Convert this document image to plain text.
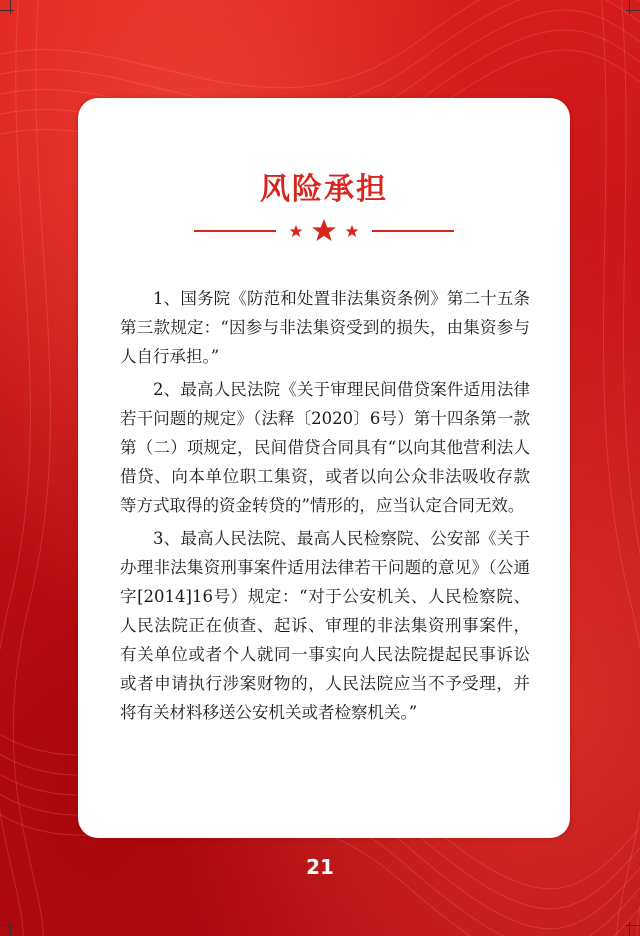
风险承担

1、国务院《防范和处置非法集资条例》第二十五条第三款规定：“因参与非法集资受到的损失，由集资参与人自行承担。”

2、最高人民法院《关于审理民间借贷案件适用法律若干问题的规定》（法释〔2020〕6号）第十四条第一款第（二）项规定，民间借贷合同具有“以向其他营利法人借贷、向本单位职工集资，或者以向公众非法吸收存款等方式取得的资金转贷的”情形的，应当认定合同无效。

3、最高人民法院、最高人民检察院、公安部《关于办理非法集资刑事案件适用法律若干问题的意见》（公通字[2014]16号）规定：“对于公安机关、人民检察院、人民法院正在侦查、起诉、审理的非法集资刑事案件，有关单位或者个人就同一事实向人民法院提起民事诉讼或者申请执行涉案财物的，人民法院应当不予受理，并将有关材料移送公安机关或者检察机关。”

21
